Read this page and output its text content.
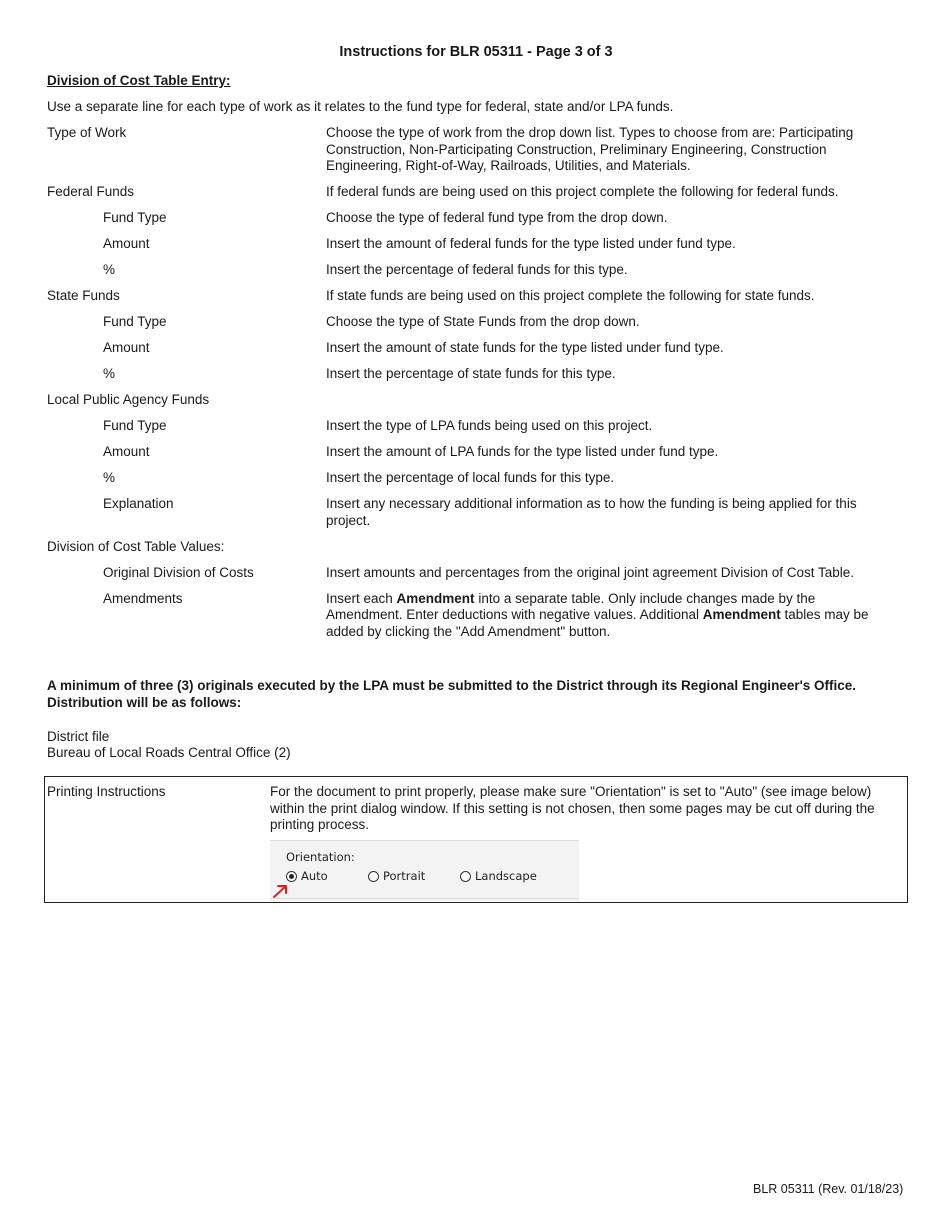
Instructions for BLR 05311 - Page 3 of 3
Division of Cost Table Entry:
Use a separate line for each type of work as it relates to the fund type for federal, state and/or LPA funds.
Type of Work	Choose the type of work from the drop down list. Types to choose from are: Participating Construction, Non-Participating Construction, Preliminary Engineering, Construction Engineering, Right-of-Way, Railroads, Utilities, and Materials.
Federal Funds	If federal funds are being used on this project complete the following for federal funds.
Fund Type	Choose the type of federal fund type from the drop down.
Amount	Insert the amount of federal funds for the type listed under fund type.
%	Insert the percentage of federal funds for this type.
State Funds	If state funds are being used on this project complete the following for state funds.
Fund Type	Choose the type of State Funds from the drop down.
Amount	Insert the amount of state funds for the type listed under fund type.
%	Insert the percentage of state funds for this type.
Local Public Agency Funds
Fund Type	Insert the type of LPA funds being used on this project.
Amount	Insert the amount of LPA funds for the type listed under fund type.
%	Insert the percentage of local funds for this type.
Explanation	Insert any necessary additional information as to how the funding is being applied for this project.
Division of Cost Table Values:
Original Division of Costs	Insert amounts and percentages from the original joint agreement Division of Cost Table.
Amendments	Insert each Amendment into a separate table. Only include changes made by the Amendment. Enter deductions with negative values. Additional Amendment tables may be added by clicking the "Add Amendment" button.
A minimum of three (3) originals executed by the LPA must be submitted to the District through its Regional Engineer's Office. Distribution will be as follows:
District file
Bureau of Local Roads Central Office (2)
Printing Instructions	For the document to print properly, please make sure "Orientation" is set to "Auto" (see image below) within the print dialog window. If this setting is not chosen, then some pages may be cut off during the printing process.
Orientation:
Auto	Portrait	Landscape
BLR 05311 (Rev. 01/18/23)
